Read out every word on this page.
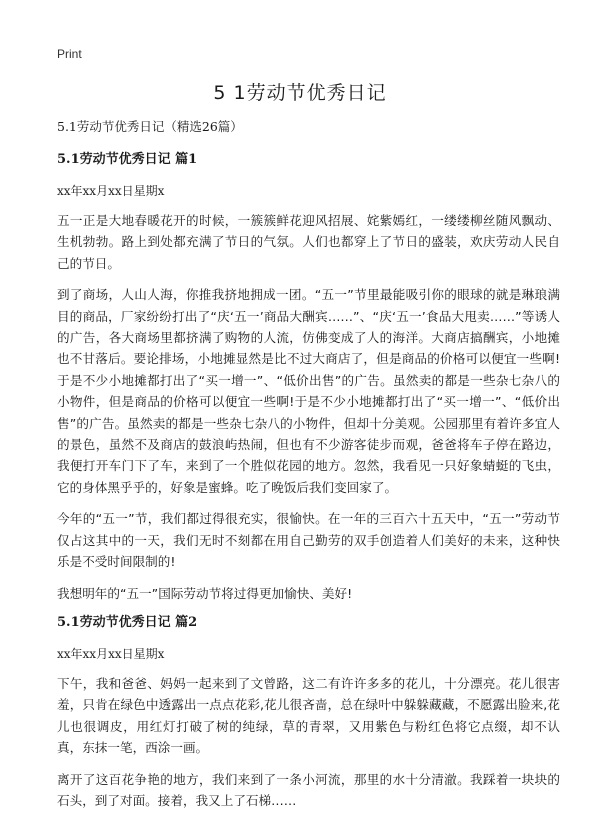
Print
5 1劳动节优秀日记
5.1劳动节优秀日记（精选26篇）
5.1劳动节优秀日记 篇1
xx年xx月xx日星期x

五一正是大地春暖花开的时候，一簇簇鲜花迎风招展、姹紫嫣红，一缕缕柳丝随风飘动、生机勃勃。路上到处都充满了节日的气氛。人们也都穿上了节日的盛装，欢庆劳动人民自己的节日。

到了商场，人山人海，你推我挤地拥成一团。“五一”节里最能吸引你的眼球的就是琳琅满目的商品，厂家纷纷打出了“庆‘五一’商品大酬宾……”、“庆‘五一’食品大甩卖……”等诱人的广告，各大商场里都挤满了购物的人流，仿佛变成了人的海洋。大商店搞酬宾，小地摊也不甘落后。要论排场，小地摊显然是比不过大商店了，但是商品的价格可以便宜一些啊!于是不少小地摊都打出了“买一增一”、“低价出售”的广告。虽然卖的都是一些杂七杂八的小物件，但是商品的价格可以便宜一些啊!于是不少小地摊都打出了“买一增一”、“低价出售”的广告。虽然卖的都是一些杂七杂八的小物件，但却十分美观。公园那里有着许多宜人的景色，虽然不及商店的鼓浪屿热闹，但也有不少游客徒步而观，爸爸将车子停在路边，我便打开车门下了车，来到了一个胜似花园的地方。忽然，我看见一只好象蜻蜓的飞虫，它的身体黑乎乎的，好象是蜜蜂。吃了晚饭后我们变回家了。

今年的“五一”节，我们都过得很充实，很愉快。在一年的三百六十五天中，“五一”劳动节仅占这其中的一天，我们无时不刻都在用自己勤劳的双手创造着人们美好的未来，这种快乐是不受时间限制的!

我想明年的“五一”国际劳动节将过得更加愉快、美好!

5.1劳动节优秀日记 篇2
xx年xx月xx日星期x

下午，我和爸爸、妈妈一起来到了文曾路，这二有许许多多的花儿，十分漂亮。花儿很害羞，只肯在绿色中透露出一点点花彩,花儿很吝啬，总在绿叶中躲躲藏藏，不愿露出脸来,花儿也很调皮，用红灯打破了树的纯绿，草的青翠，又用紫色与粉红色将它点缀，却不认真，东抹一笔，西涂一画。

离开了这百花争艳的地方，我们来到了一条小河流，那里的水十分清澈。我踩着一块块的石头，到了对面。接着，我又上了石梯……
